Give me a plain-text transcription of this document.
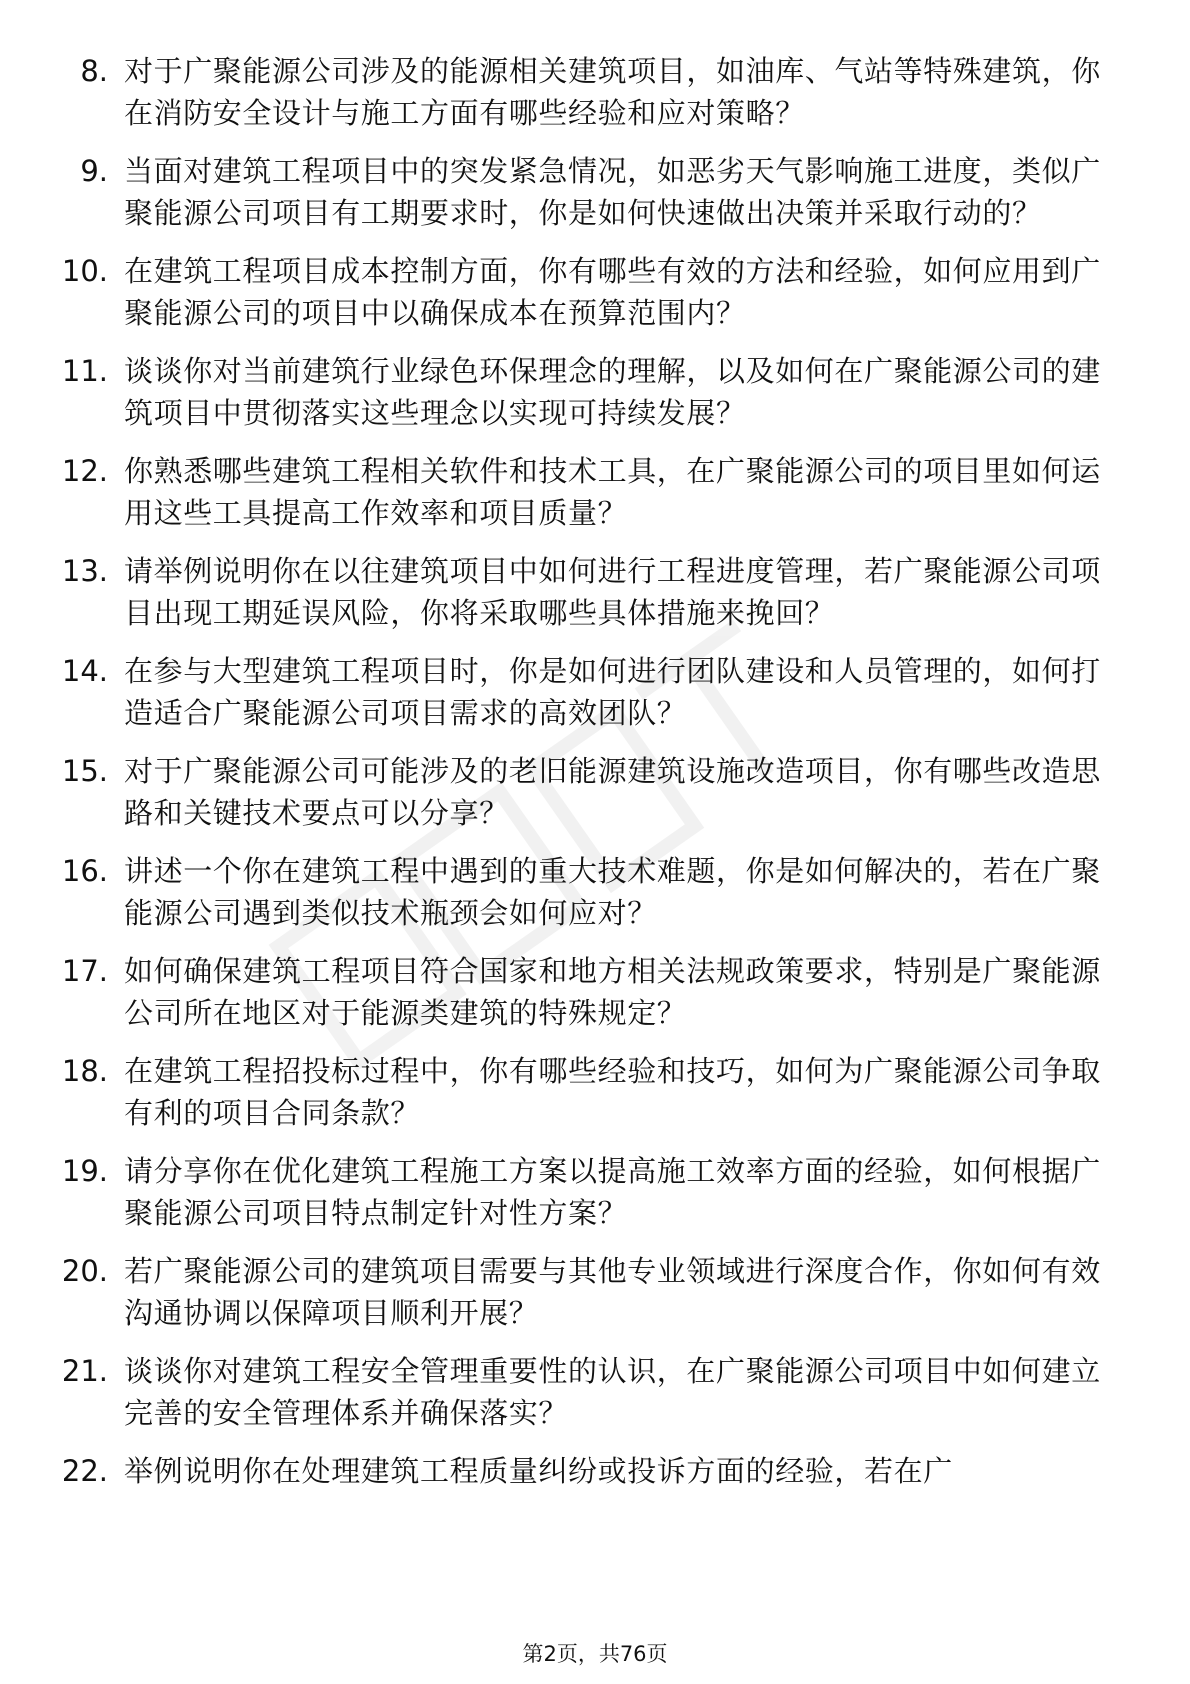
8. 对于广聚能源公司涉及的能源相关建筑项目，如油库、气站等特殊建筑，你在消防安全设计与施工方面有哪些经验和应对策略？
9. 当面对建筑工程项目中的突发紧急情况，如恶劣天气影响施工进度，类似广聚能源公司项目有工期要求时，你是如何快速做出决策并采取行动的？
10. 在建筑工程项目成本控制方面，你有哪些有效的方法和经验，如何应用到广聚能源公司的项目中以确保成本在预算范围内？
11. 谈谈你对当前建筑行业绿色环保理念的理解，以及如何在广聚能源公司的建筑项目中贯彻落实这些理念以实现可持续发展？
12. 你熟悉哪些建筑工程相关软件和技术工具，在广聚能源公司的项目里如何运用这些工具提高工作效率和项目质量？
13. 请举例说明你在以往建筑项目中如何进行工程进度管理，若广聚能源公司项目出现工期延误风险，你将采取哪些具体措施来挽回？
14. 在参与大型建筑工程项目时，你是如何进行团队建设和人员管理的，如何打造适合广聚能源公司项目需求的高效团队？
15. 对于广聚能源公司可能涉及的老旧能源建筑设施改造项目，你有哪些改造思路和关键技术要点可以分享？
16. 讲述一个你在建筑工程中遇到的重大技术难题，你是如何解决的，若在广聚能源公司遇到类似技术瓶颈会如何应对？
17. 如何确保建筑工程项目符合国家和地方相关法规政策要求，特别是广聚能源公司所在地区对于能源类建筑的特殊规定？
18. 在建筑工程招投标过程中，你有哪些经验和技巧，如何为广聚能源公司争取有利的项目合同条款？
19. 请分享你在优化建筑工程施工方案以提高施工效率方面的经验，如何根据广聚能源公司项目特点制定针对性方案？
20. 若广聚能源公司的建筑项目需要与其他专业领域进行深度合作，你如何有效沟通协调以保障项目顺利开展？
21. 谈谈你对建筑工程安全管理重要性的认识，在广聚能源公司项目中如何建立完善的安全管理体系并确保落实？
22. 举例说明你在处理建筑工程质量纠纷或投诉方面的经验，若在广
第2页，共76页
